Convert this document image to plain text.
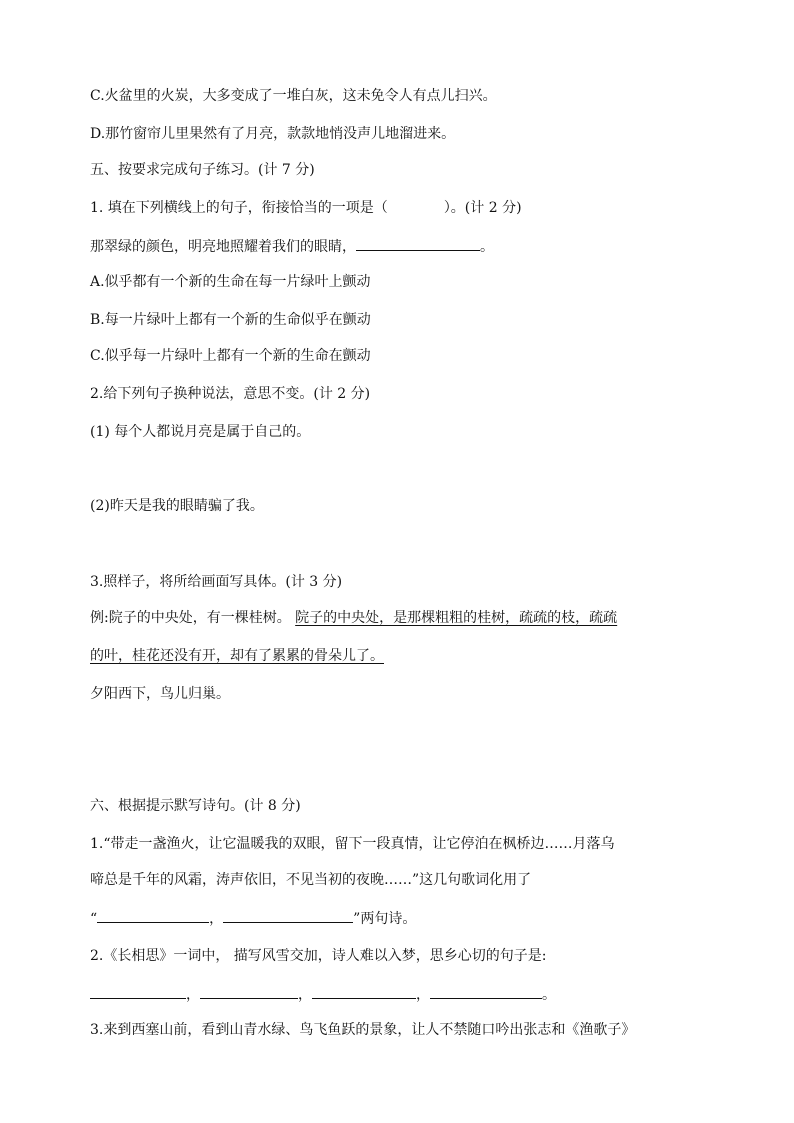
C.火盆里的火炭，大多变成了一堆白灰，这未免令人有点儿扫兴。
D.那竹窗帘儿里果然有了月亮，款款地悄没声儿地溜进来。
五、按要求完成句子练习。(计 7 分)
1. 填在下列横线上的句子，衔接恰当的一项是（	）。(计 2 分)
那翠绿的颜色，明亮地照耀着我们的眼睛，	。
A.似乎都有一个新的生命在每一片绿叶上颤动
B.每一片绿叶上都有一个新的生命似乎在颤动
C.似乎每一片绿叶上都有一个新的生命在颤动
2.给下列句子换种说法，意思不变。(计 2 分)
(1) 每个人都说月亮是属于自己的。
(2)昨天是我的眼睛骗了我。
3.照样子，将所给画面写具体。(计 3 分)
例:院子的中央处，有一棵桂树。 院子的中央处，是那棵粗粗的桂树，疏疏的枝，疏疏
的叶，桂花还没有开，却有了累累的骨朵儿了。
夕阳西下，鸟儿归巢。
六、根据提示默写诗句。(计 8 分)
1.“带走一盏渔火，让它温暖我的双眼，留下一段真情，让它停泊在枫桥边……月落乌
啼总是千年的风霜，涛声依旧，不见当初的夜晚……”这几句歌词化用了
“	，	”两句诗。
2.《长相思》一词中， 描写风雪交加，诗人难以入梦，思乡心切的句子是:
，	，	，	。
3.来到西塞山前，看到山青水绿、鸟飞鱼跃的景象，让人不禁随口吟出张志和《渔歌子》
